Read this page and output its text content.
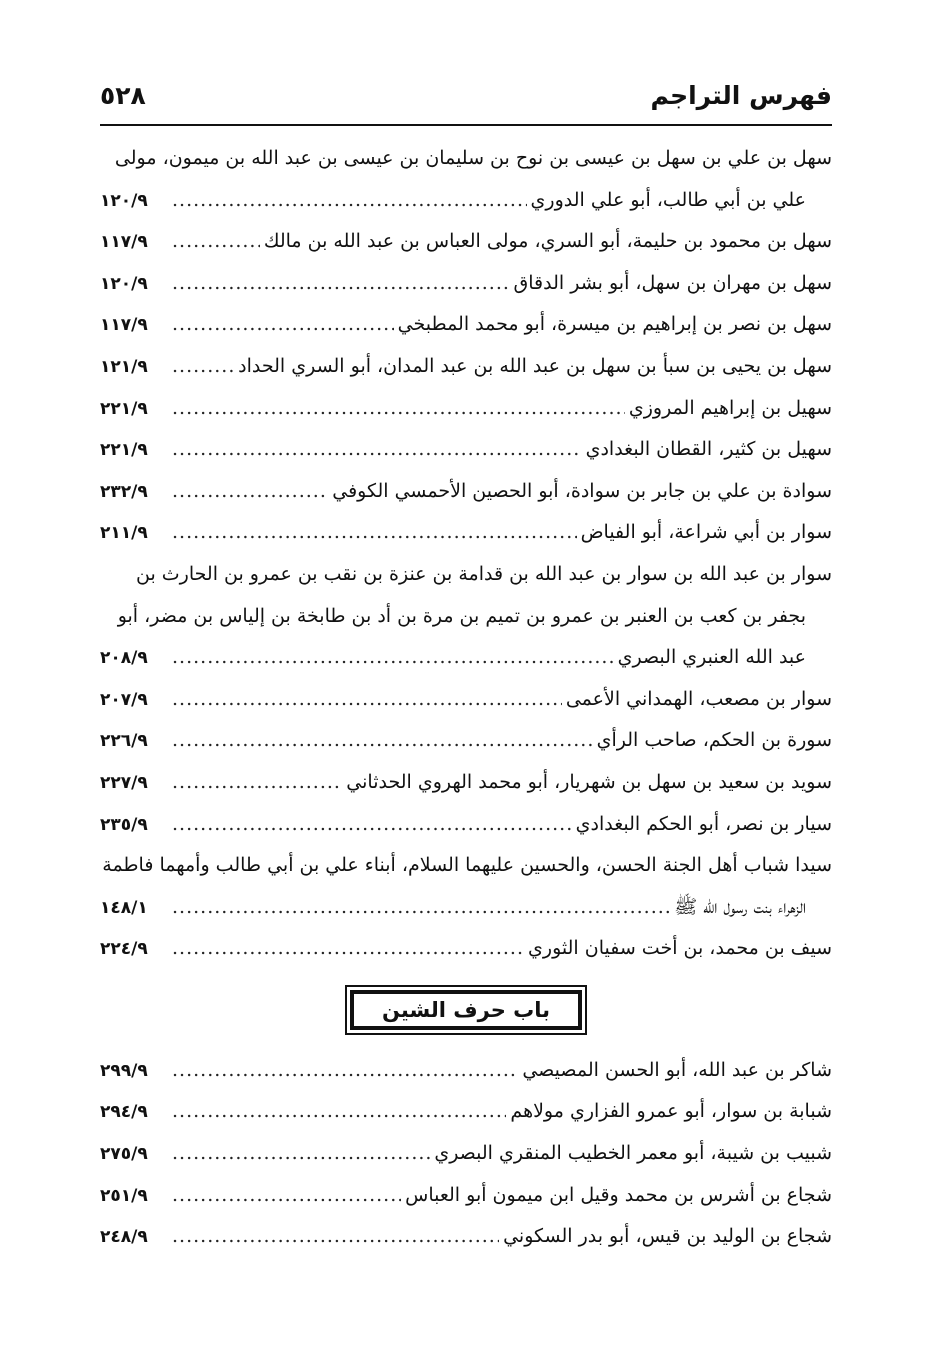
٥٢٨	فهرس التراجم
سهل بن علي بن سهل بن عيسى بن نوح بن سليمان بن عيسى بن عبد الله بن ميمون، مولى
علي بن أبي طالب، أبو علي الدوري
.....
١٢٠/٩
سهل بن محمود بن حليمة، أبو السري، مولى العباس بن عبد الله بن مالك
.....
١١٧/٩
سهل بن مهران بن سهل، أبو بشر الدقاق
.....
١٢٠/٩
سهل بن نصر بن إبراهيم بن ميسرة، أبو محمد المطبخي
.....
١١٧/٩
سهل بن يحيى بن سبأ بن سهل بن عبد الله بن عبد المدان، أبو السري الحداد
.....
١٢١/٩
سهيل بن إبراهيم المروزي
.....
٢٢١/٩
سهيل بن كثير، القطان البغدادي
.....
٢٢١/٩
سوادة بن علي بن جابر بن سوادة، أبو الحصين الأحمسي الكوفي
.....
٢٣٢/٩
سوار بن أبي شراعة، أبو الفياض
.....
٢١١/٩
سوار بن عبد الله بن سوار بن عبد الله بن قدامة بن عنزة بن نقب بن عمرو بن الحارث بن
بجفر بن كعب بن العنبر بن عمرو بن تميم بن مرة بن أد بن طابخة بن إلياس بن مضر، أبو
عبد الله العنبري البصري
.....
٢٠٨/٩
سوار بن مصعب، الهمداني الأعمى
.....
٢٠٧/٩
سورة بن الحكم، صاحب الرأي
.....
٢٢٦/٩
سويد بن سعيد بن سهل بن شهريار، أبو محمد الهروي الحدثاني
.....
٢٢٧/٩
سيار بن نصر، أبو الحكم البغدادي
.....
٢٣٥/٩
سيدا شباب أهل الجنة الحسن، والحسين عليهما السلام، أبناء علي بن أبي طالب وأمهما فاطمة
الزهراء بنت رسول الله ﷺ
.....
١٤٨/١
سيف بن محمد، بن أخت سفيان الثوري
.....
٢٢٤/٩
باب حرف الشين
شاكر بن عبد الله، أبو الحسن المصيصي
.....
٢٩٩/٩
شبابة بن سوار، أبو عمرو الفزاري مولاهم
.....
٢٩٤/٩
شبيب بن شيبة، أبو معمر الخطيب المنقري البصري
.....
٢٧٥/٩
شجاع بن أشرس بن محمد وقيل ابن ميمون أبو العباس
.....
٢٥١/٩
شجاع بن الوليد بن قيس، أبو بدر السكوني
.....
٢٤٨/٩
